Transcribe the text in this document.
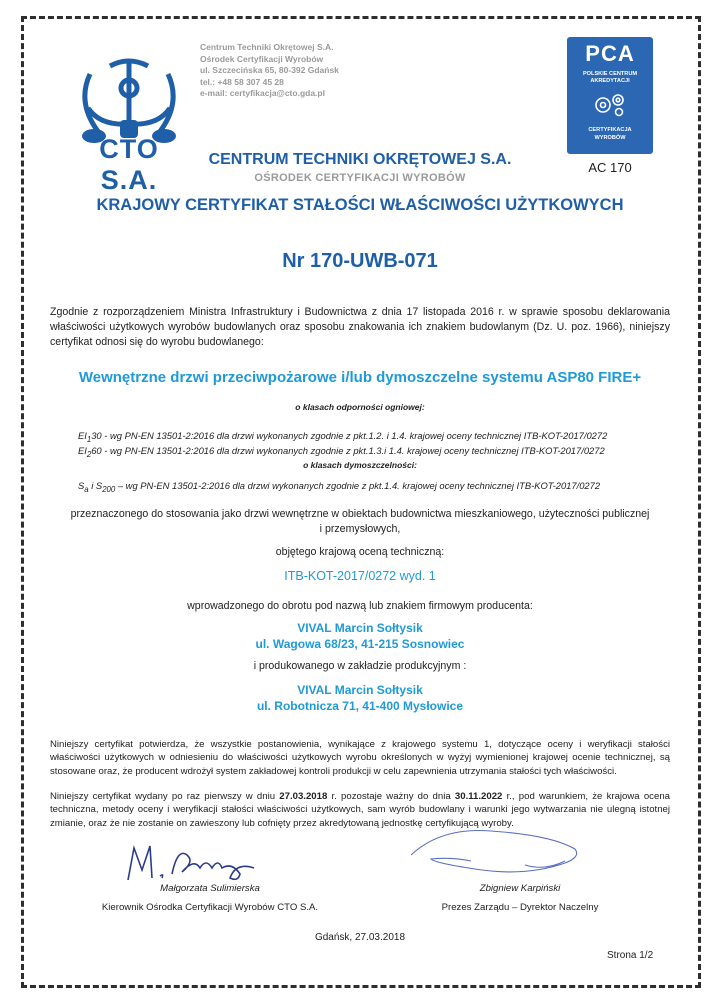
CTO S.A.
Centrum Techniki Okrętowej S.A.
Ośrodek Certyfikacji Wyrobów
ul. Szczecińska 65, 80-392 Gdańsk
tel.: +48 58 307 45 28
e-mail: certyfikacja@cto.gda.pl
PCA
POLSKIE CENTRUM
AKREDYTACJI
CERTYFIKACJA
WYROBÓW
AC 170
CENTRUM TECHNIKI OKRĘTOWEJ S.A.
OŚRODEK CERTYFIKACJI WYROBÓW
KRAJOWY CERTYFIKAT STAŁOŚCI WŁAŚCIWOŚCI UŻYTKOWYCH
Nr 170-UWB-071
Zgodnie z rozporządzeniem Ministra Infrastruktury i Budownictwa z dnia 17 listopada 2016 r. w sprawie sposobu deklarowania właściwości użytkowych wyrobów budowlanych oraz sposobu znakowania ich znakiem budowlanym (Dz. U. poz. 1966), niniejszy certyfikat odnosi się do wyrobu budowlanego:
Wewnętrzne drzwi przeciwpożarowe i/lub dymoszczelne systemu ASP80 FIRE+
o klasach odporności ogniowej:
$EI_130$ - wg PN-EN 13501-2:2016 dla drzwi wykonanych zgodnie z pkt.1.2. i 1.4. krajowej oceny technicznej ITB-KOT-2017/0272
$EI_260$ - wg PN-EN 13501-2:2016 dla drzwi wykonanych zgodnie z pkt.1.3.i 1.4. krajowej oceny technicznej ITB-KOT-2017/0272
o klasach dymoszczelności:
$S_a$ i $S_{200}$ – wg PN-EN 13501-2:2016 dla drzwi wykonanych zgodnie z pkt.1.4. krajowej oceny technicznej ITB-KOT-2017/0272
przeznaczonego do stosowania jako drzwi wewnętrzne w obiektach budownictwa mieszkaniowego, użyteczności publicznej
i przemysłowych,
objętego krajową oceną techniczną:
ITB-KOT-2017/0272 wyd. 1
wprowadzonego do obrotu pod nazwą lub znakiem firmowym producenta:
VIVAL Marcin Sołtysik
ul. Wagowa 68/23, 41-215 Sosnowiec
i produkowanego w zakładzie produkcyjnym :
VIVAL Marcin Sołtysik
ul. Robotnicza 71, 41-400 Mysłowice
Niniejszy certyfikat potwierdza, że wszystkie postanowienia, wynikające z krajowego systemu 1, dotyczące oceny i weryfikacji stałości właściwości użytkowych w odniesieniu do właściwości użytkowych wyrobu określonych w wyżyj wymienionej krajowej ocenie technicznej, są stosowane oraz, że producent wdrożył system zakładowej kontroli produkcji w celu zapewnienia utrzymania stałości tych właściwości.
Niniejszy certyfikat wydany po raz pierwszy w dniu 27.03.2018 r. pozostaje ważny do dnia 30.11.2022 r., pod warunkiem, że krajowa ocena techniczna, metody oceny i weryfikacji stałości właściwości użytkowych, sam wyrób budowlany i warunki jego wytwarzania nie ulegną istotnej zmianie, oraz że nie zostanie on zawieszony lub cofnięty przez akredytowaną jednostkę certyfikującą wyroby.
Małgorzata Sulimierska
Kierownik Ośrodka Certyfikacji Wyrobów CTO S.A.
Zbigniew Karpiński
Prezes Zarządu – Dyrektor Naczelny
Gdańsk, 27.03.2018
Strona 1/2
